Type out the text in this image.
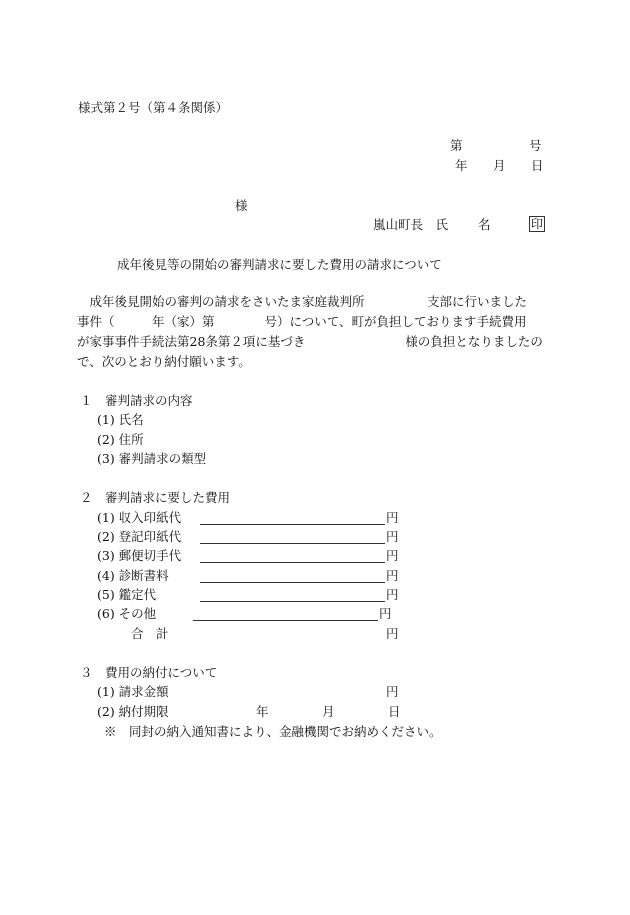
様式第２号（第４条関係）
第	号
年 月 日
様
嵐山町長　氏 名	印
成年後見等の開始の審判請求に要した費用の請求について
　成年後見開始の審判の請求をさいたま家庭裁判所　　　　　支部に行いました
事件（　　　年（家）第　　　　号）について、町が負担しております手続費用
が家事事件手続法第28条第２項に基づき　　　　　　　　様の負担となりましたの
で、次のとおり納付願います。
１　審判請求の内容
(1) 氏名
(2) 住所
(3) 審判請求の類型
２　審判請求に要した費用
(1) 収入印紙代	円
(2) 登記印紙代	円
(3) 郵便切手代	円
(4) 診断書料	円
(5) 鑑定代	円
(6) その他	円
合　計	円
３　費用の納付について
(1) 請求金額	円
(2) 納付期限	年	月	日
※　同封の納入通知書により、金融機関でお納めください。
